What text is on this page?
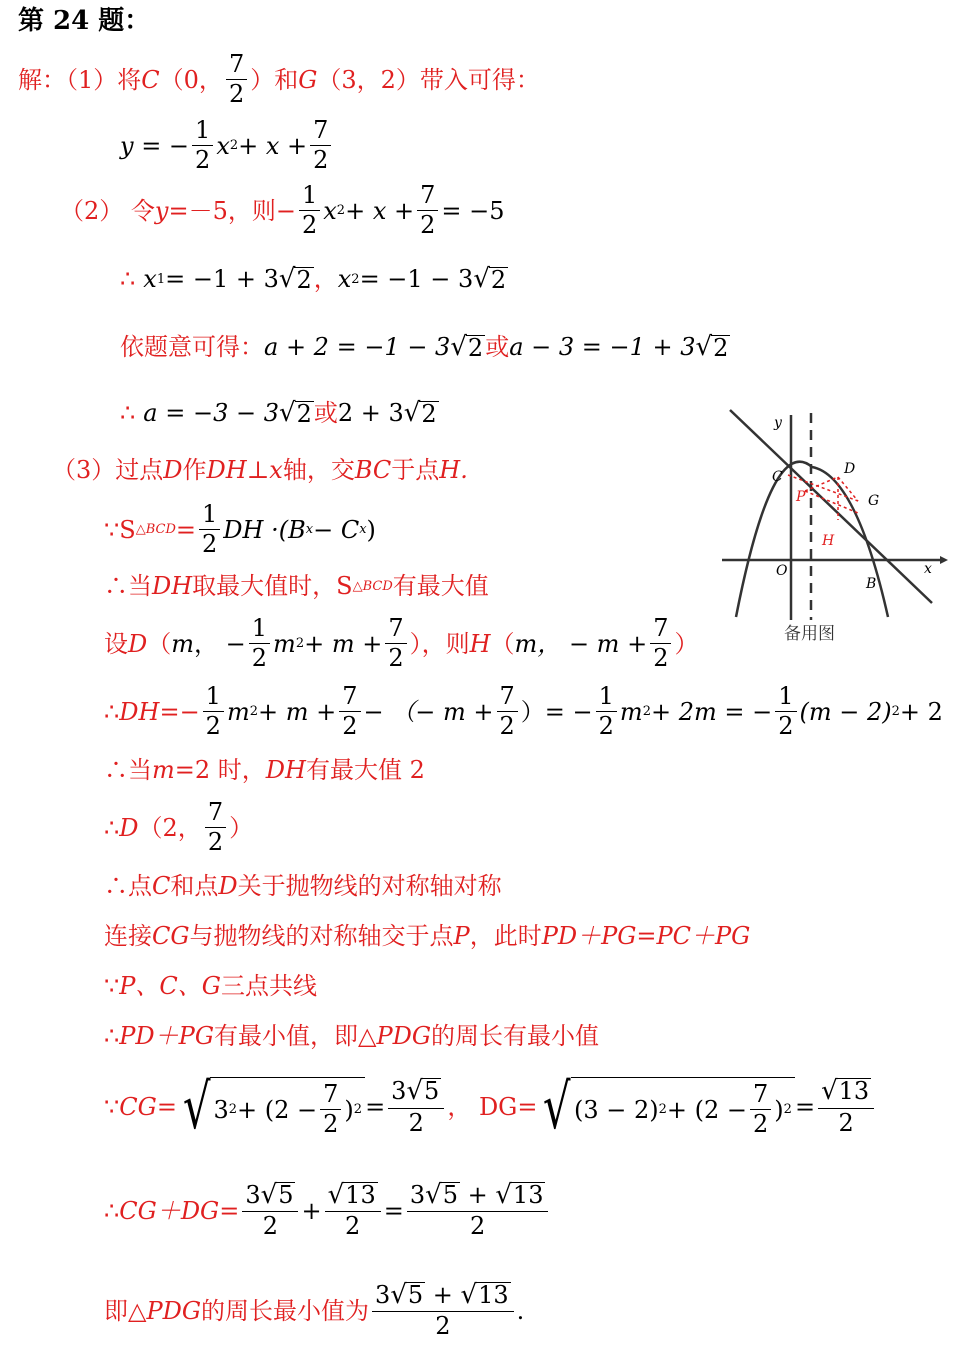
第 24 题：
解：（1）将 C （0， $\frac{7}{2}$ ）和 G （3，2）带入可得：
y = − $\frac{1}{2}$ x $2 + x + \frac{7}{2}$
（2） 令 y =－5，则− $\frac{1}{2}$ x $2 + x + \frac{7}{2} = -5$
∴ x 1 = −1 + 3 √ 2 ， x 2 = −1 − 3 √ 2
依题意可得： a + 2 = −1 − 3 √ 2 或 a − 3 = −1 + 3 √ 2
∴ a = −3 − 3 √ 2 或 2 + 3 √ 2
（3）过点 D 作 DH ⊥ x 轴，交 BC 于点 H.
∵ S △BCD = $\frac{1}{2}$ DH ·(B x − C x )
∴当 DH 取最大值时，S △BCD 有最大值
设 D （ m ， − $\frac{1}{2}$ m $2 + m + \frac{7}{2}$ ），则 H （ m ， − $m + \frac{7}{2}$ ）
∴ DH =− $\frac{1}{2}$ m $2 + m + \frac{7}{2}$ − （− $m + \frac{7}{2}$ ）= − $\frac{1}{2}$ m 2 + 2m = − $\frac{1}{2} (m - 2) 2 + 2$
∴当 m =2 时， DH 有最大值 2
∴ D （2， $\frac{7}{2}$ ）
∴点 C 和点 D 关于抛物线的对称轴对称
连接 CG 与抛物线的对称轴交于点 P ，此时 PD＋PG=PC＋PG
∵ P、C、G 三点共线
∴ PD＋PG 有最小值，即△ PDG 的周长有最小值
∵ CG = √ 3 $2 + (2 - \frac{7}{2}$ ) $2 = \frac{3√5}{2}$ ， DG= √ (3 − 2) $2 + (2 - \frac{7}{2}$ ) $2 = \frac{√13}{2}$
∴ $CG+DG = \frac{3√5}{2} + \frac{√13}{2} = \frac{3√5 + √13}{2}$
即△ PDG 的周长最小值为
3√5 + √13
2
.
y
C	D
P	G
H
O
B
x
备用图
